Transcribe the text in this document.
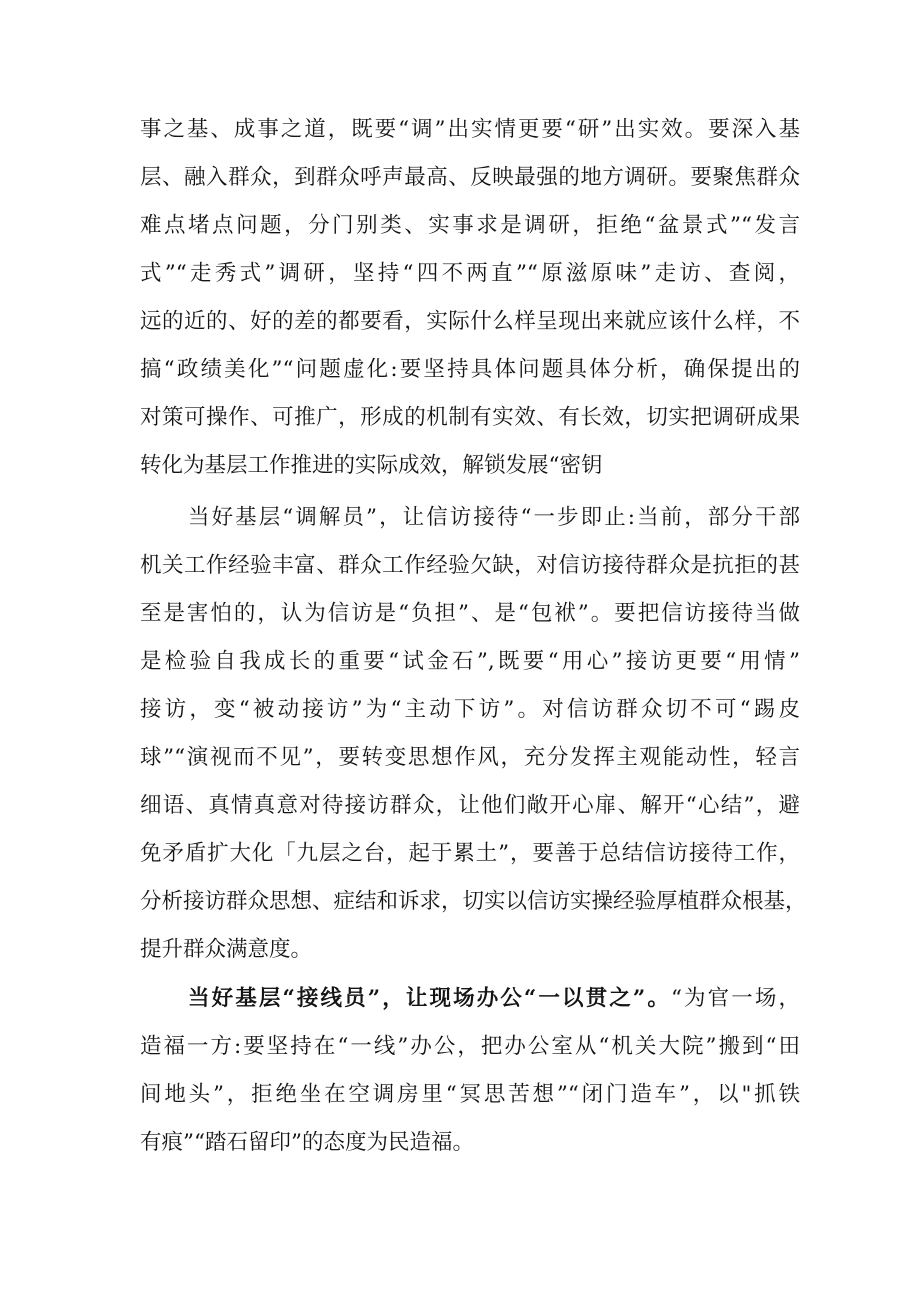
事之基、成事之道，既要“调”出实情更要“研”出实效。要深入基
层、融入群众，到群众呼声最高、反映最强的地方调研。要聚焦群众
难点堵点问题，分门别类、实事求是调研，拒绝“盆景式”“发言
式”“走秀式”调研，坚持“四不两直”“原滋原味”走访、查阅，
远的近的、好的差的都要看，实际什么样呈现出来就应该什么样，不
搞“政绩美化”“问题虚化:要坚持具体问题具体分析，确保提出的
对策可操作、可推广，形成的机制有实效、有长效，切实把调研成果
转化为基层工作推进的实际成效，解锁发展“密钥
当好基层“调解员”，让信访接待“一步即止:当前，部分干部
机关工作经验丰富、群众工作经验欠缺，对信访接待群众是抗拒的甚
至是害怕的，认为信访是“负担”、是“包袱”。要把信访接待当做
是检验自我成长的重要“试金石”,既要“用心”接访更要“用情”
接访，变“被动接访”为“主动下访”。对信访群众切不可“踢皮
球”“演视而不见”，要转变思想作风，充分发挥主观能动性，轻言
细语、真情真意对待接访群众，让他们敞开心扉、解开“心结”，避
免矛盾扩大化「九层之台，起于累土”，要善于总结信访接待工作，
分析接访群众思想、症结和诉求，切实以信访实操经验厚植群众根基，
提升群众满意度。
当好基层“接线员”，让现场办公“一以贯之”。“为官一场，
造福一方:要坚持在“一线”办公，把办公室从“机关大院”搬到“田
间地头”，拒绝坐在空调房里“冥思苦想”“闭门造车”，以"抓铁
有痕”“踏石留印”的态度为民造福。
